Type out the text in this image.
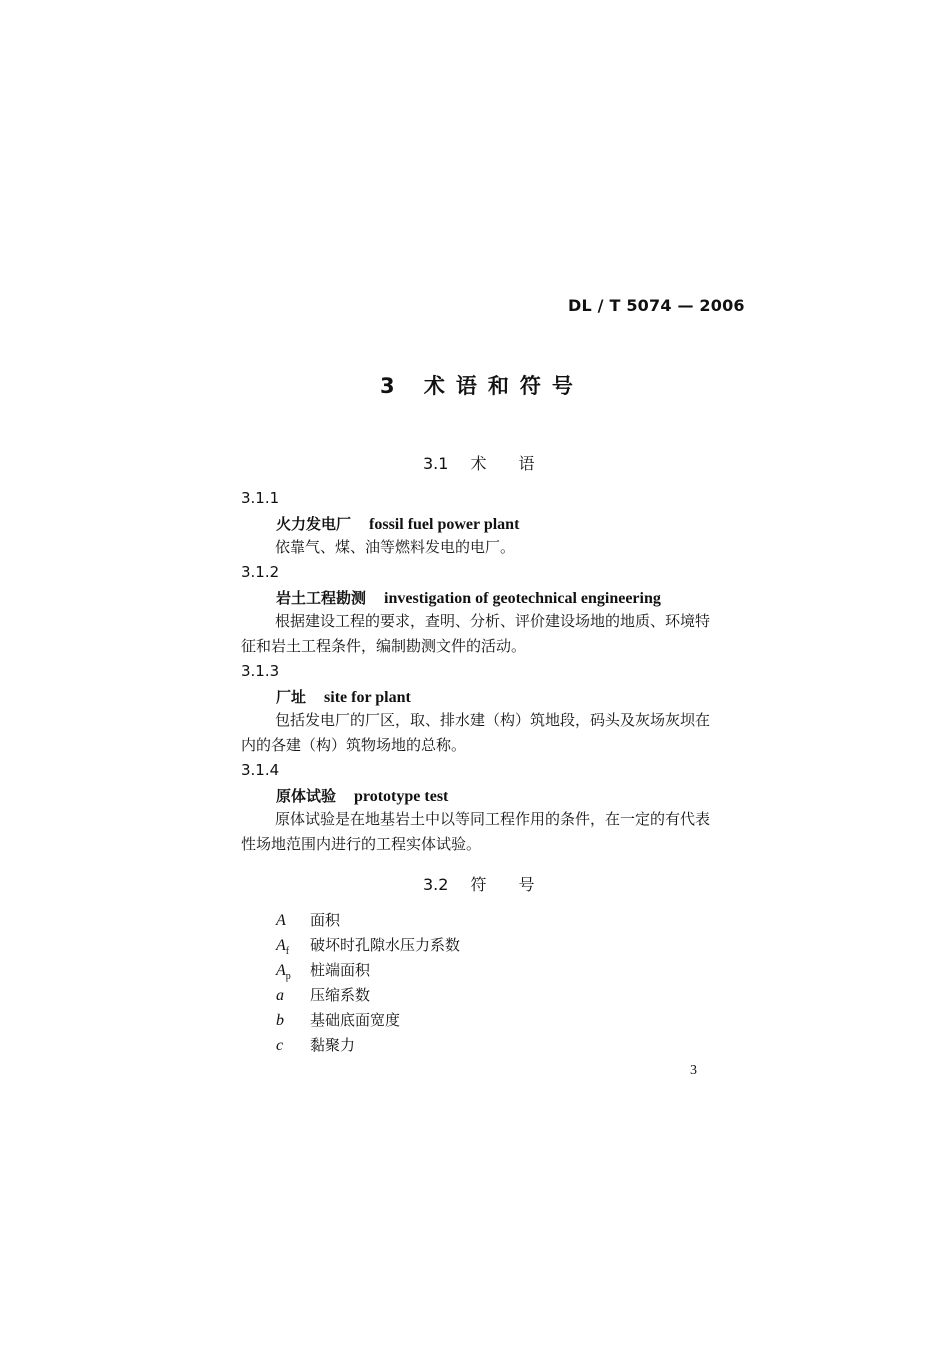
DL / T 5074 — 2006
3 术语和符号
3.1 术 语
3.1.1
火力发电厂 fossil fuel power plant
依靠气、煤、油等燃料发电的电厂。
3.1.2
岩土工程勘测 investigation of geotechnical engineering
根据建设工程的要求，查明、分析、评价建设场地的地质、环境特征和岩土工程条件，编制勘测文件的活动。
3.1.3
厂址 site for plant
包括发电厂的厂区，取、排水建（构）筑地段，码头及灰场灰坝在内的各建（构）筑物场地的总称。
3.1.4
原体试验 prototype test
原体试验是在地基岩土中以等同工程作用的条件，在一定的有代表性场地范围内进行的工程实体试验。
3.2 符 号
A 面积
$A_f$ 破坏时孔隙水压力系数
$A_p$ 桩端面积
a 压缩系数
b 基础底面宽度
c 黏聚力
3
